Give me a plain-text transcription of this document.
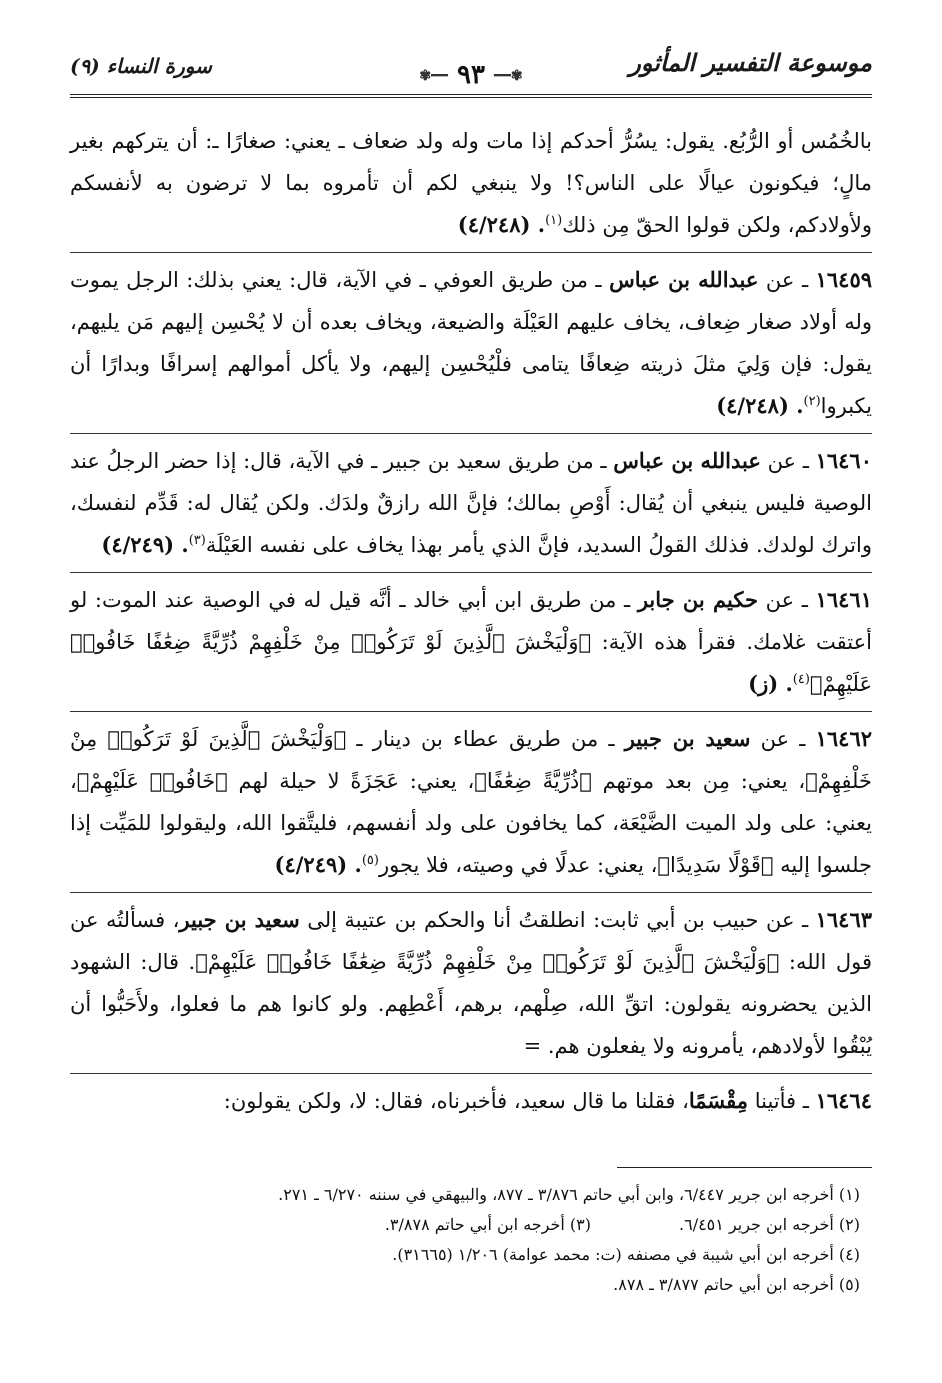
موسوعة التفسير المأثور
✾━━ ٩٣ ━━✾
سورة النساء (٩)

بالخُمُس أو الرُّبُع. يقول: يسُرُّ أحدكم إذا مات وله ولد ضعاف ـ يعني: صغارًا ـ: أن يتركهم بغير مالٍ؛ فيكونون عيالًا على الناس؟! ولا ينبغي لكم أن تأمروه بما لا ترضون به لأنفسكم ولأولادكم، ولكن قولوا الحقّ مِن ذلك$^{(١)}$. (٤/٢٤٨)

١٦٤٥٩ ـ عن عبدالله بن عباس ـ من طريق العوفي ـ في الآية، قال: يعني بذلك: الرجل يموت وله أولاد صغار ضِعاف، يخاف عليهم العَيْلَة والضيعة، ويخاف بعده أن لا يُحْسِن إليهم مَن يليهم، يقول: فإن وَلِيَ مثلَ ذريته ضِعافًا يتامى فلْيُحْسِن إليهم، ولا يأكل أموالهم إسرافًا وبدارًا أن يكبروا$^{(٢)}$. (٤/٢٤٨)

١٦٤٦٠ ـ عن عبدالله بن عباس ـ من طريق سعيد بن جبير ـ في الآية، قال: إذا حضر الرجلُ عند الوصية فليس ينبغي أن يُقال: أَوْصِ بمالك؛ فإنَّ الله رازقٌ ولدَك. ولكن يُقال له: قَدِّم لنفسك، واترك لولدك. فذلك القولُ السديد، فإنَّ الذي يأمر بهذا يخاف على نفسه العَيْلَة$^{(٣)}$. (٤/٢٤٩)

١٦٤٦١ ـ عن حكيم بن جابر ـ من طريق ابن أبي خالد ـ أنَّه قيل له في الوصية عند الموت: لو أعتقت غلامك. فقرأ هذه الآية: ﴿وَلْيَخْشَ ٱلَّذِينَ لَوْ تَرَكُوا۟ مِنْ خَلْفِهِمْ ذُرِّيَّةً ضِعَٰفًا خَافُوا۟ عَلَيْهِمْ﴾$^{(٤)}$. (ز)

١٦٤٦٢ ـ عن سعيد بن جبير ـ من طريق عطاء بن دينار ـ ﴿وَلْيَخْشَ ٱلَّذِينَ لَوْ تَرَكُوا۟ مِنْ خَلْفِهِمْ﴾، يعني: مِن بعد موتهم ﴿ذُرِّيَّةً ضِعَٰفًا﴾، يعني: عَجَزَةً لا حيلة لهم ﴿خَافُوا۟ عَلَيْهِمْ﴾، يعني: على ولد الميت الضَّيْعَة، كما يخافون على ولد أنفسهم، فليتَّقوا الله، وليقولوا للمَيِّت إذا جلسوا إليه ﴿قَوْلًا سَدِيدًا﴾، يعني: عدلًا في وصيته، فلا يجور$^{(٥)}$. (٤/٢٤٩)

١٦٤٦٣ ـ عن حبيب بن أبي ثابت: انطلقتُ أنا والحكم بن عتيبة إلى سعيد بن جبير، فسألتُه عن قول الله: ﴿وَلْيَخْشَ ٱلَّذِينَ لَوْ تَرَكُوا۟ مِنْ خَلْفِهِمْ ذُرِّيَّةً ضِعَٰفًا خَافُوا۟ عَلَيْهِمْ﴾. قال: الشهود الذين يحضرونه يقولون: اتقِّ الله، صِلْهم، برهم، أَعْطِهم. ولو كانوا هم ما فعلوا، ولأَحَبُّوا أن يُبْقُوا لأولادهم، يأمرونه ولا يفعلون هم. =

١٦٤٦٤ ـ فأتينا مِقْسَمًا، فقلنا ما قال سعيد، فأخبرناه، فقال: لا، ولكن يقولون:

(١) أخرجه ابن جرير ٦/٤٤٧، وابن أبي حاتم ٣/٨٧٦ ـ ٨٧٧، والبيهقي في سننه ٦/٢٧٠ ـ ٢٧١.

(٢) أخرجه ابن جرير ٦/٤٥١.

(٣) أخرجه ابن أبي حاتم ٣/٨٧٨.

(٤) أخرجه ابن أبي شيبة في مصنفه (ت: محمد عوامة) ١/٢٠٦ (٣١٦٦٥).

(٥) أخرجه ابن أبي حاتم ٣/٨٧٧ ـ ٨٧٨.
